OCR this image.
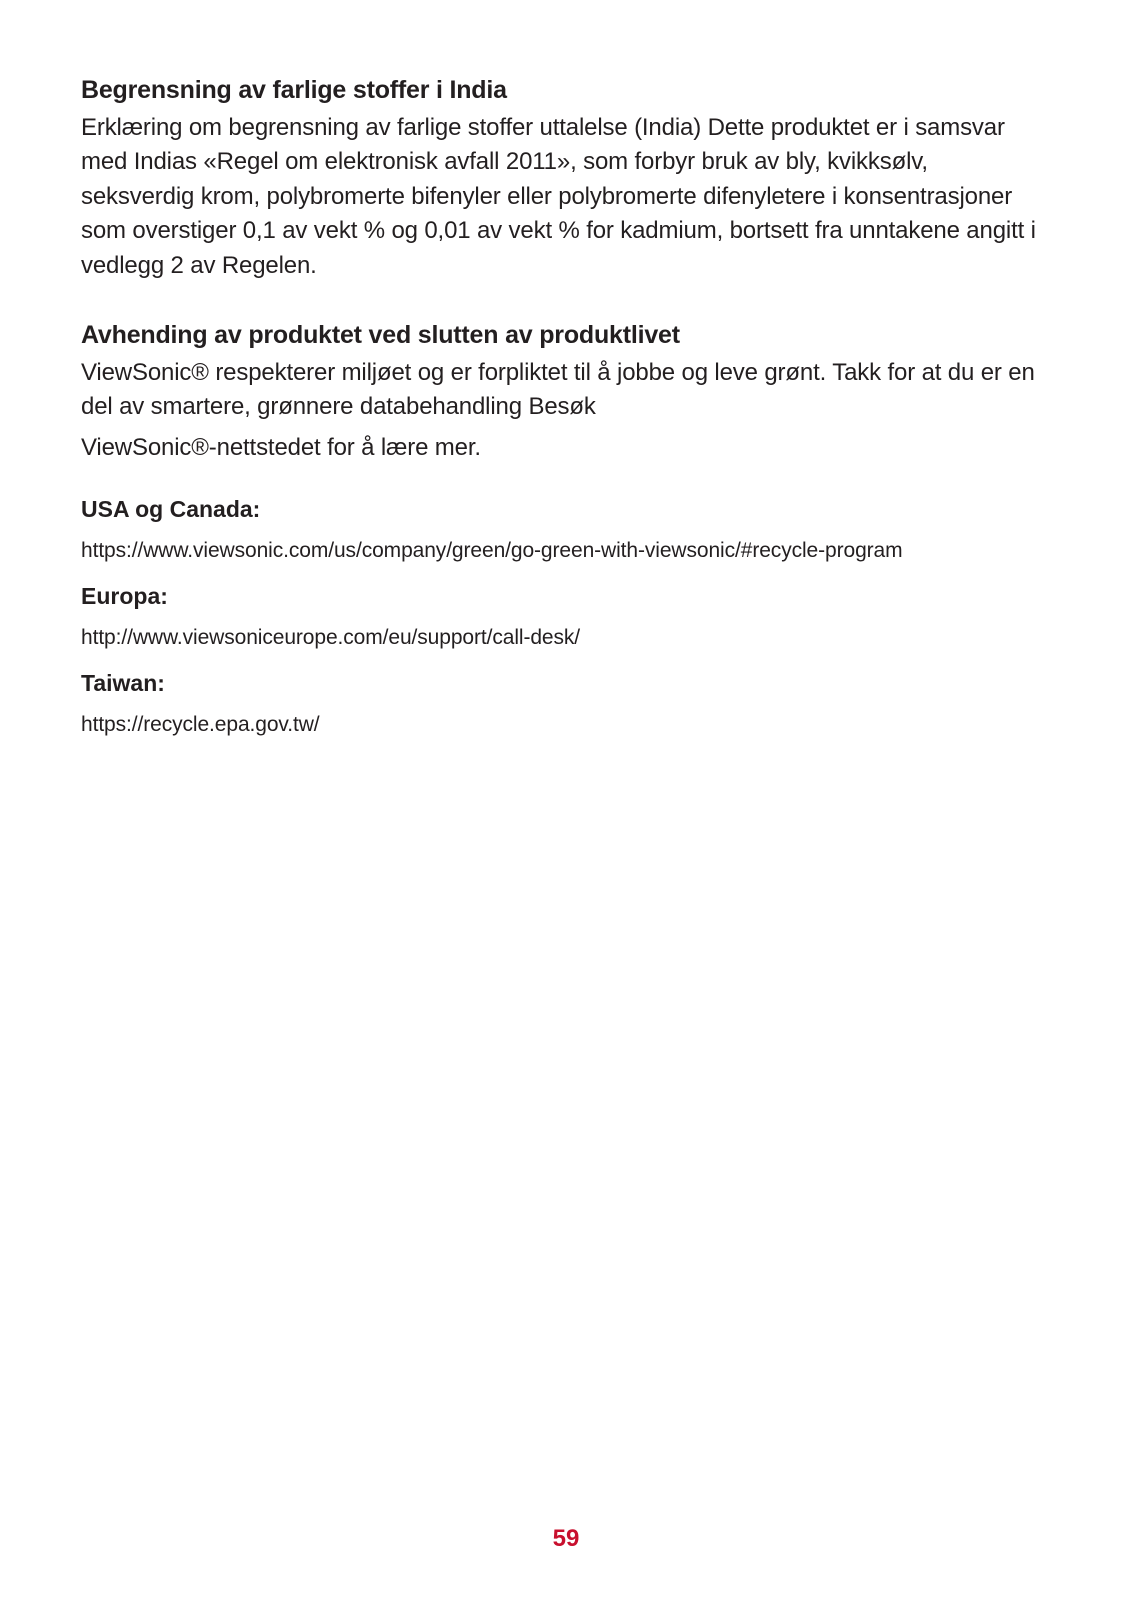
Begrensning av farlige stoffer i India

Erklæring om begrensning av farlige stoffer uttalelse (India) Dette produktet er i samsvar med Indias «Regel om elektronisk avfall 2011», som forbyr bruk av bly, kvikksølv, seksverdig krom, polybromerte bifenyler eller polybromerte difenyletere i konsentrasjoner som overstiger 0,1 av vekt % og 0,01 av vekt % for kadmium, bortsett fra unntakene angitt i vedlegg 2 av Regelen.

Avhending av produktet ved slutten av produktlivet

ViewSonic® respekterer miljøet og er forpliktet til å jobbe og leve grønt. Takk for at du er en del av smartere, grønnere databehandling Besøk
ViewSonic®-nettstedet for å lære mer.

USA og Canada:
https://www.viewsonic.com/us/company/green/go-green-with-viewsonic/#recycle-program
Europa:
http://www.viewsoniceurope.com/eu/support/call-desk/
Taiwan:
https://recycle.epa.gov.tw/
59
